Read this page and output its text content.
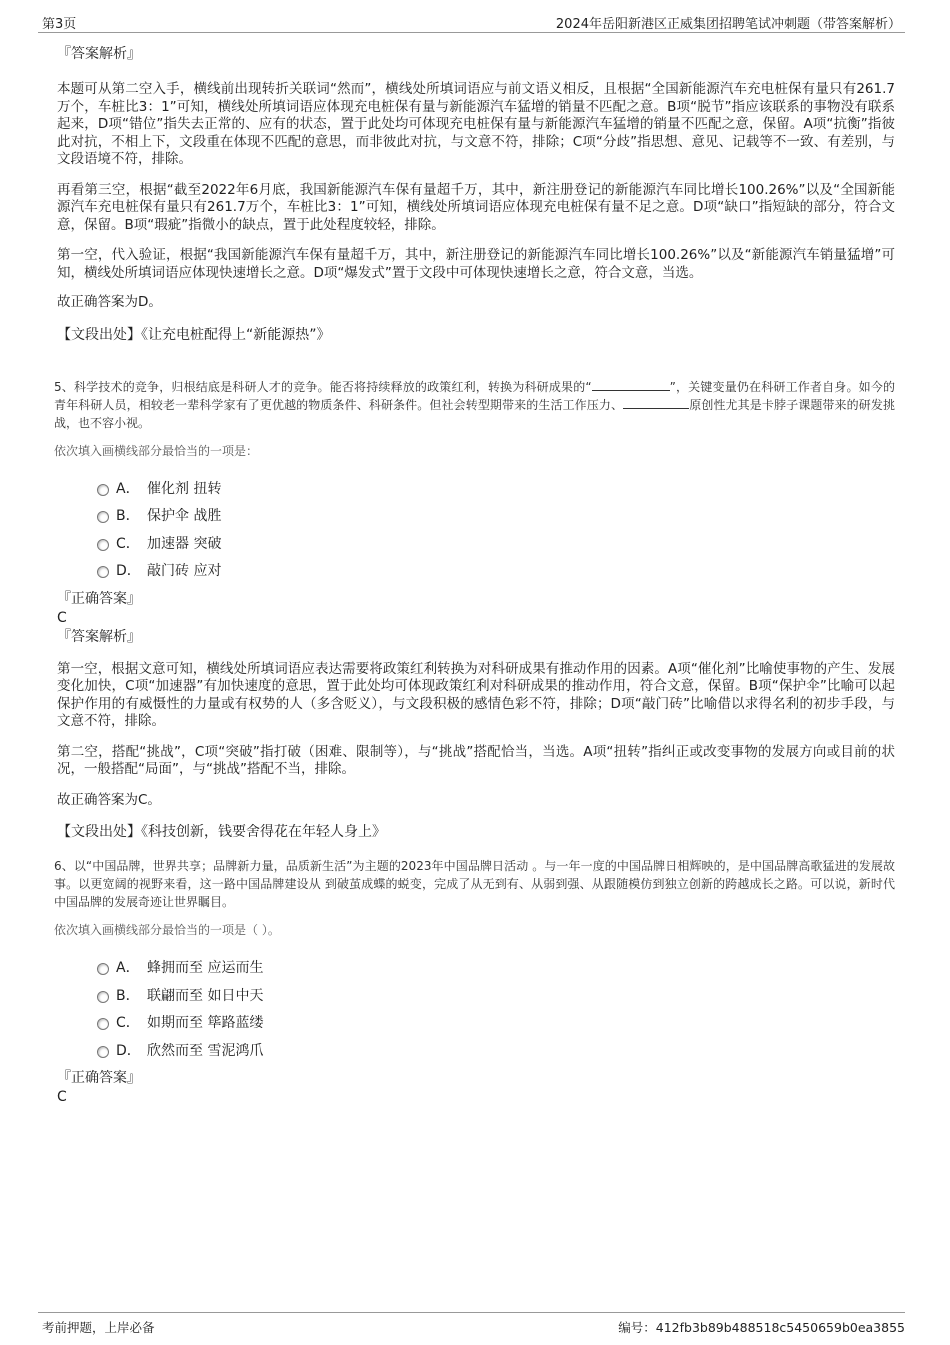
第3页	2024年岳阳新港区正威集团招聘笔试冲刺题（带答案解析）

『答案解析』

本题可从第二空入手，横线前出现转折关联词“然而”，横线处所填词语应与前文语义相反，且根据“全国新能源汽车充电桩保有量只有261.7万个，车桩比3：1”可知，横线处所填词语应体现充电桩保有量与新能源汽车猛增的销量不匹配之意。B项“脱节”指应该联系的事物没有联系起来，D项“错位”指失去正常的、应有的状态，置于此处均可体现充电桩保有量与新能源汽车猛增的销量不匹配之意，保留。A项“抗衡”指彼此对抗，不相上下，文段重在体现不匹配的意思，而非彼此对抗，与文意不符，排除；C项“分歧”指思想、意见、记载等不一致、有差别，与文段语境不符，排除。

再看第三空，根据“截至2022年6月底，我国新能源汽车保有量超千万，其中，新注册登记的新能源汽车同比增长100.26%”以及“全国新能源汽车充电桩保有量只有261.7万个，车桩比3：1”可知，横线处所填词语应体现充电桩保有量不足之意。D项“缺口”指短缺的部分，符合文意，保留。B项“瑕疵”指微小的缺点，置于此处程度较轻，排除。

第一空，代入验证，根据“我国新能源汽车保有量超千万，其中，新注册登记的新能源汽车同比增长100.26%”以及“新能源汽车销量猛增”可知，横线处所填词语应体现快速增长之意。D项“爆发式”置于文段中可体现快速增长之意，符合文意，当选。

故正确答案为D。

【文段出处】《让充电桩配得上“新能源热”》

5、科学技术的竞争，归根结底是科研人才的竞争。能否将持续释放的政策红利，转换为科研成果的“	”，关键变量仍在科研工作者自身。如今的青年科研人员，相较老一辈科学家有了更优越的物质条件、科研条件。但社会转型期带来的生活工作压力、	原创性尤其是卡脖子课题带来的研发挑战，也不容小视。

依次填入画横线部分最恰当的一项是：

A． 催化剂 扭转
B． 保护伞 战胜
C． 加速器 突破
D． 敲门砖 应对

『正确答案』

C

『答案解析』

第一空，根据文意可知，横线处所填词语应表达需要将政策红利转换为对科研成果有推动作用的因素。A项“催化剂”比喻使事物的产生、发展变化加快，C项“加速器”有加快速度的意思，置于此处均可体现政策红利对科研成果的推动作用，符合文意，保留。B项“保护伞”比喻可以起保护作用的有威慑性的力量或有权势的人（多含贬义），与文段积极的感情色彩不符，排除；D项“敲门砖”比喻借以求得名利的初步手段，与文意不符，排除。

第二空，搭配“挑战”，C项“突破”指打破（困难、限制等），与“挑战”搭配恰当，当选。A项“扭转”指纠正或改变事物的发展方向或目前的状况，一般搭配“局面”，与“挑战”搭配不当，排除。

故正确答案为C。

【文段出处】《科技创新，钱要舍得花在年轻人身上》

6、以“中国品牌，世界共享；品牌新力量，品质新生活”为主题的2023年中国品牌日活动 。与一年一度的中国品牌日相辉映的，是中国品牌高歌猛进的发展故事。以更宽阔的视野来看，这一路中国品牌建设从 到破茧成蝶的蜕变，完成了从无到有、从弱到强、从跟随模仿到独立创新的跨越成长之路。可以说，新时代中国品牌的发展奇迹让世界瞩目。

依次填入画横线部分最恰当的一项是（ ）。

A． 蜂拥而至 应运而生
B． 联翩而至 如日中天
C． 如期而至 筚路蓝缕
D． 欣然而至 雪泥鸿爪

『正确答案』

C

考前押题，上岸必备	编号：412fb3b89b488518c5450659b0ea3855
